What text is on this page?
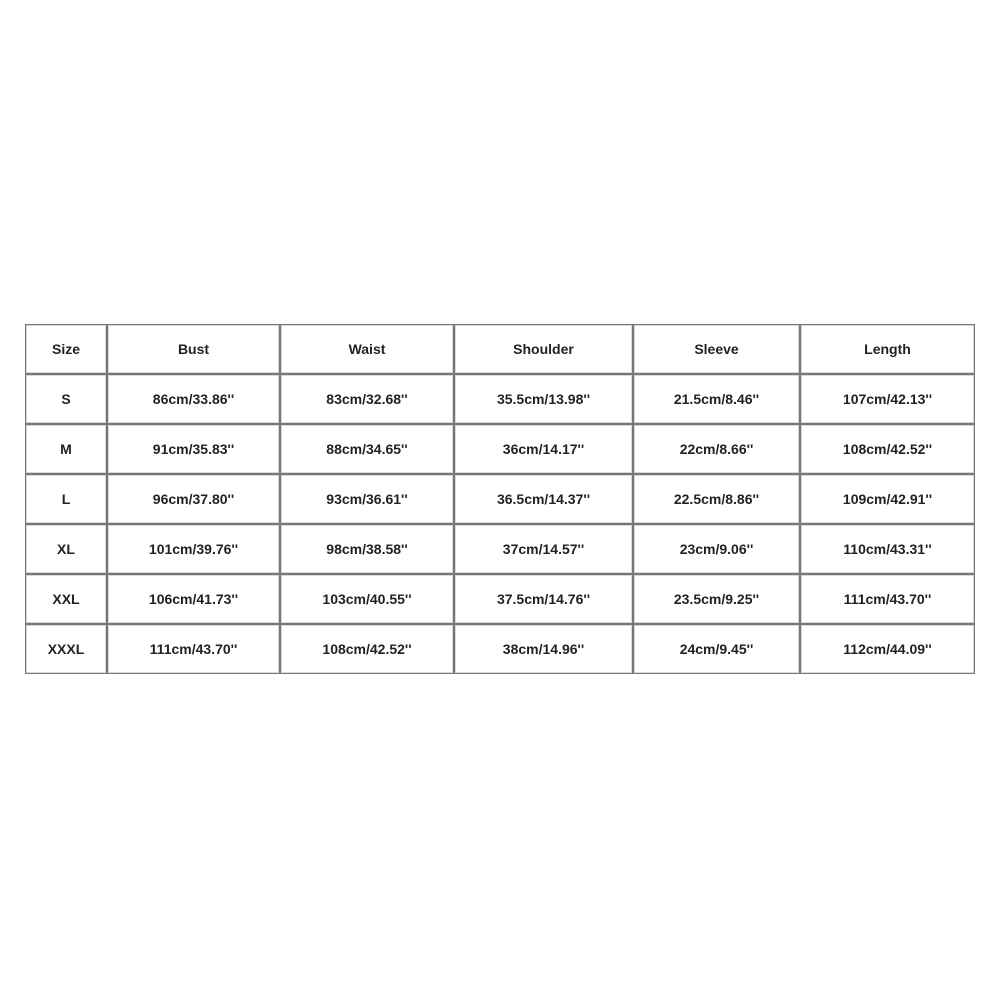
Size	Bust	Waist	Shoulder	Sleeve	Length
S	86cm/33.86''	83cm/32.68''	35.5cm/13.98''	21.5cm/8.46''	107cm/42.13''
M	91cm/35.83''	88cm/34.65''	36cm/14.17''	22cm/8.66''	108cm/42.52''
L	96cm/37.80''	93cm/36.61''	36.5cm/14.37''	22.5cm/8.86''	109cm/42.91''
XL	101cm/39.76''	98cm/38.58''	37cm/14.57''	23cm/9.06''	110cm/43.31''
XXL	106cm/41.73''	103cm/40.55''	37.5cm/14.76''	23.5cm/9.25''	111cm/43.70''
XXXL	111cm/43.70''	108cm/42.52''	38cm/14.96''	24cm/9.45''	112cm/44.09''
